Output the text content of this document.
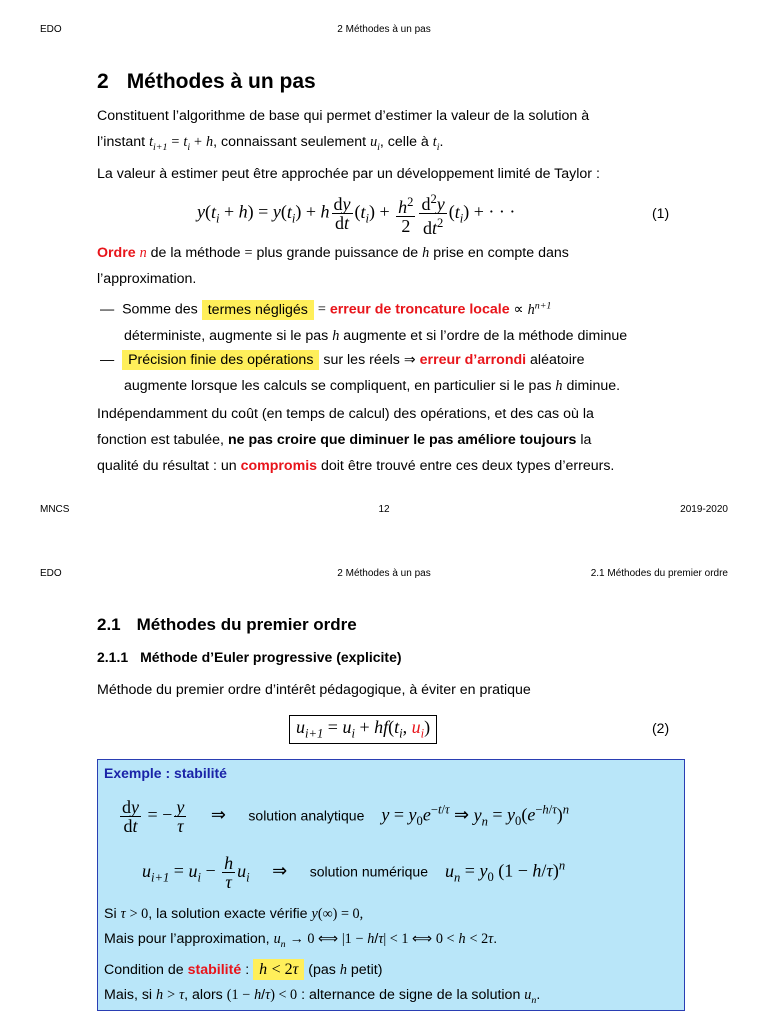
EDO	2 Méthodes à un pas
2 Méthodes à un pas
Constituent l’algorithme de base qui permet d’estimer la valeur de la solution à
l’instant $t_{i+1} = t_i + h$, connaissant seulement $u_i$, celle à $t_i$.
La valeur à estimer peut être approchée par un développement limité de Taylor :
$y(t_i + h) = y(t_i) + h \frac{dy}{dt} (t_i) + \frac{h^2}{2} \frac{d^2y}{dt^2} (t_i)$ + · · ·	(1)
Ordre n de la méthode = plus grande puissance de h prise en compte dans
l’approximation.
— Somme des termes négligés = erreur de troncature locale ∝ $h^{n+1}$
déterministe, augmente si le pas h augmente et si l’ordre de la méthode diminue
— Précision finie des opérations sur les réels ⇒ erreur d’arrondi aléatoire
augmente lorsque les calculs se compliquent, en particulier si le pas h diminue.
Indépendamment du coût (en temps de calcul) des opérations, et des cas où la
fonction est tabulée, ne pas croire que diminuer le pas améliore toujours la
qualité du résultat : un compromis doit être trouvé entre ces deux types d’erreurs.
MNCS	12	2019-2020
EDO	2 Méthodes à un pas	2.1 Méthodes du premier ordre
2.1 Méthodes du premier ordre
2.1.1 Méthode d’Euler progressive (explicite)
Méthode du premier ordre d’intérêt pédagogique, à éviter en pratique
$u_{i+1} = u_i + hf(t_i$, $u_i$)	(2)
Exemple : stabilité
$\frac{dy}{dt}$ = − $\frac{y}{\tau}$ ⇒ solution analytique $y = y_0e^{-t/\tau}$ ⇒ $y_n = y_0(e^{-h/\tau})^n$
$u_{i+1} = u_i - \frac{h}{\tau} u_i$ ⇒ solution numérique $u_n = y_0$ $(1 - h/\tau)^n$
Si τ > 0, la solution exacte vérifie y(∞) = 0,
Mais pour l’approximation, $u_n \to 0$ ⟺ |1 − h/τ| < 1 ⟺ 0 < h < 2τ.
Condition de stabilité : h < 2τ (pas h petit)
Mais, si h > τ, alors (1 − h/τ) < 0 : alternance de signe de la solution $u_n$.
